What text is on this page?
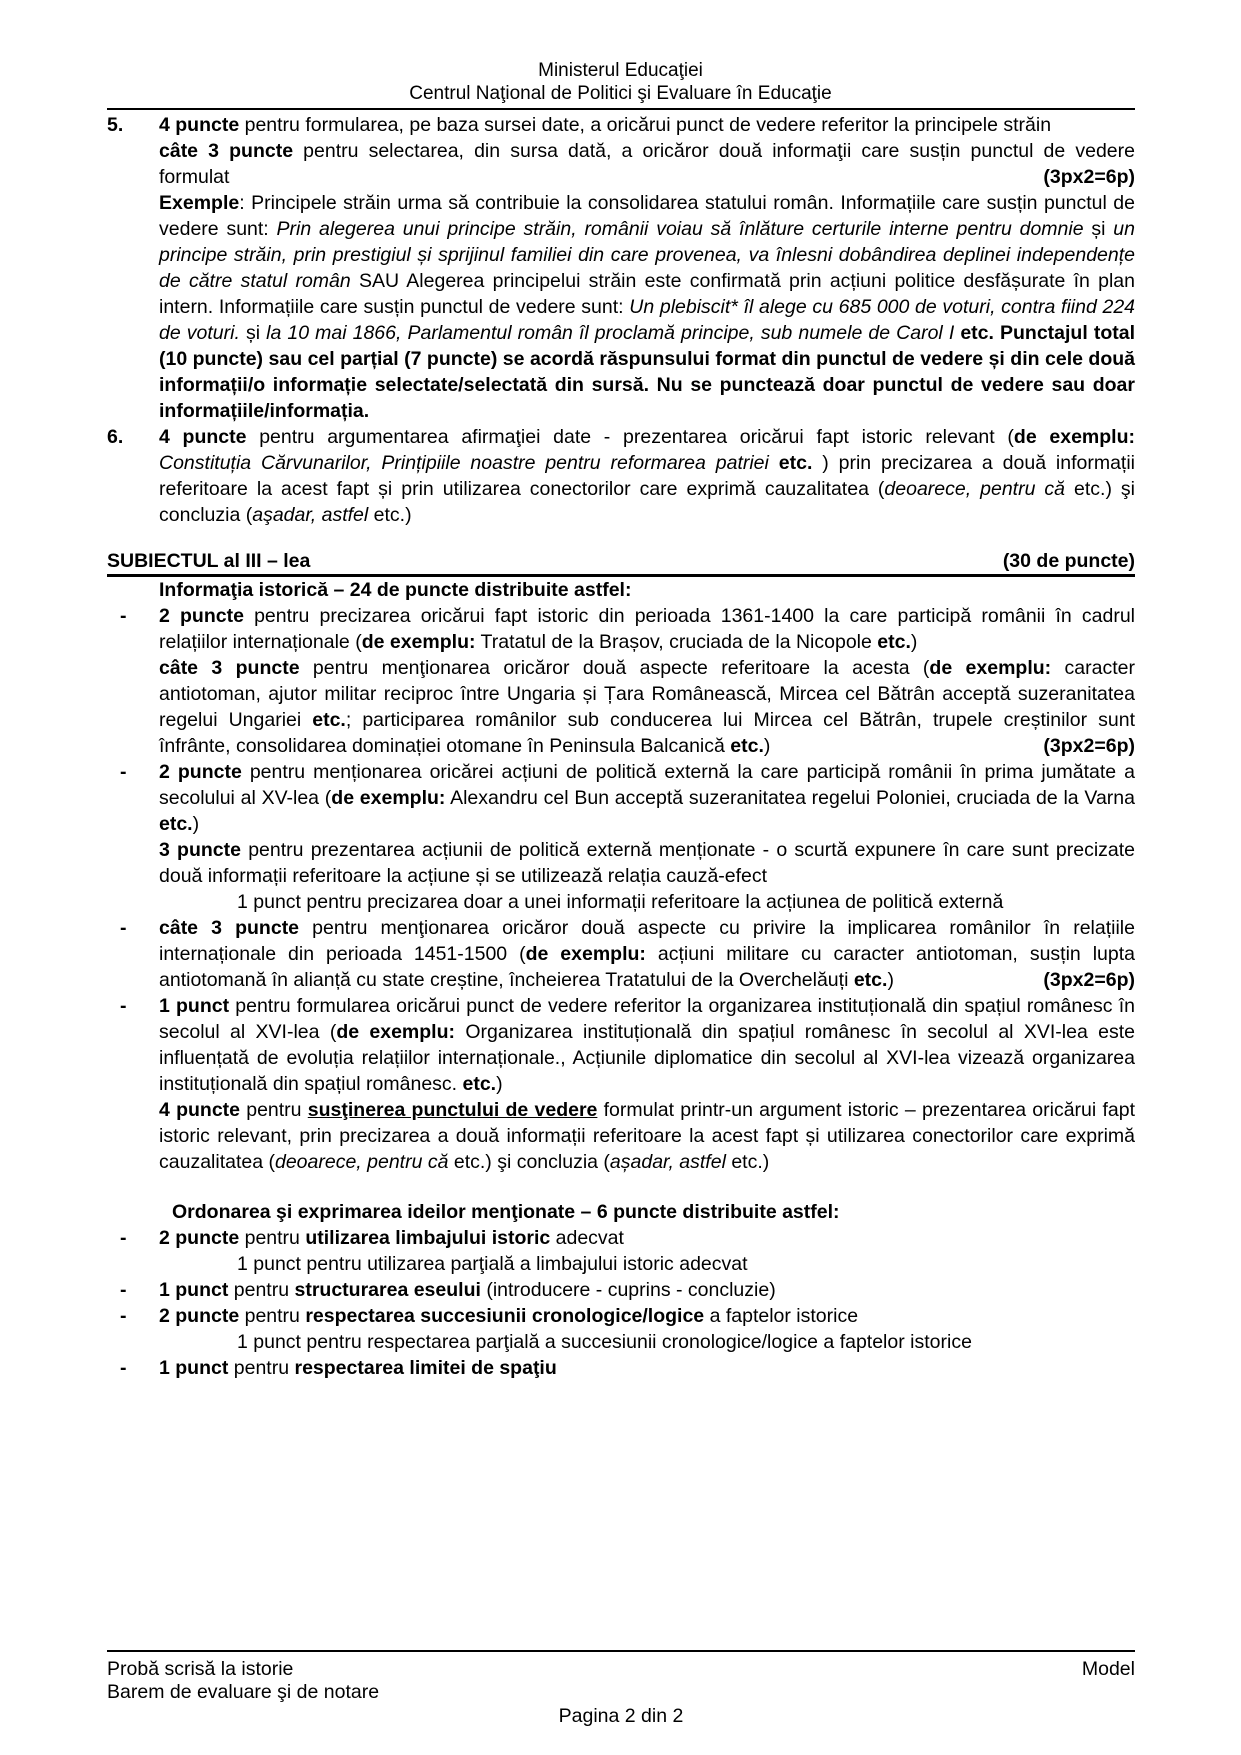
Ministerul Educaţiei
Centrul Naţional de Politici şi Evaluare în Educaţie
5. 4 puncte pentru formularea, pe baza sursei date, a oricărui punct de vedere referitor la principele străin
câte 3 puncte pentru selectarea, din sursa dată, a oricăror două informaţii care susțin punctul de vedere formulat	(3px2=6p)
Exemple: Principele străin urma să contribuie la consolidarea statului român. Informațiile care susțin punctul de vedere sunt: Prin alegerea unui principe străin, românii voiau să înlăture certurile interne pentru domnie și un principe străin, prin prestigiul și sprijinul familiei din care provenea, va înlesni dobândirea deplinei independențe de către statul român SAU Alegerea principelui străin este confirmată prin acțiuni politice desfășurate în plan intern. Informațiile care susțin punctul de vedere sunt: Un plebiscit* îl alege cu 685 000 de voturi, contra fiind 224 de voturi. și la 10 mai 1866, Parlamentul român îl proclamă principe, sub numele de Carol I etc. Punctajul total (10 puncte) sau cel parțial (7 puncte) se acordă răspunsului format din punctul de vedere și din cele două informații/o informație selectate/selectată din sursă. Nu se punctează doar punctul de vedere sau doar informațiile/informația.
6. 4 puncte pentru argumentarea afirmaţiei date - prezentarea oricărui fapt istoric relevant (de exemplu: Constituția Cărvunarilor, Prințipiile noastre pentru reformarea patriei etc. ) prin precizarea a două informații referitoare la acest fapt și prin utilizarea conectorilor care exprimă cauzalitatea (deoarece, pentru că etc.) şi concluzia (aşadar, astfel etc.)
SUBIECTUL al III – lea	(30 de puncte)
Informaţia istorică – 24 de puncte distribuite astfel:
- 2 puncte pentru precizarea oricărui fapt istoric din perioada 1361-1400 la care participă românii în cadrul relațiilor internaționale (de exemplu: Tratatul de la Brașov, cruciada de la Nicopole etc.)
câte 3 puncte pentru menţionarea oricăror două aspecte referitoare la acesta (de exemplu: caracter antiotoman, ajutor militar reciproc între Ungaria și Țara Românească, Mircea cel Bătrân acceptă suzeranitatea regelui Ungariei etc.; participarea românilor sub conducerea lui Mircea cel Bătrân, trupele creștinilor sunt înfrânte, consolidarea dominației otomane în Peninsula Balcanică etc.)	(3px2=6p)
- 2 puncte pentru menționarea oricărei acțiuni de politică externă la care participă românii în prima jumătate a secolului al XV-lea (de exemplu: Alexandru cel Bun acceptă suzeranitatea regelui Poloniei, cruciada de la Varna etc.)
3 puncte pentru prezentarea acțiunii de politică externă menționate - o scurtă expunere în care sunt precizate două informații referitoare la acțiune și se utilizează relația cauză-efect
1 punct pentru precizarea doar a unei informații referitoare la acțiunea de politică externă
- câte 3 puncte pentru menţionarea oricăror două aspecte cu privire la implicarea românilor în relațiile internaționale din perioada 1451-1500 (de exemplu: acțiuni militare cu caracter antiotoman, susțin lupta antiotomană în alianță cu state creștine, încheierea Tratatului de la Overchelăuți etc.)	(3px2=6p)
- 1 punct pentru formularea oricărui punct de vedere referitor la organizarea instituțională din spațiul românesc în secolul al XVI-lea (de exemplu: Organizarea instituțională din spațiul românesc în secolul al XVI-lea este influențată de evoluția relațiilor internaționale., Acțiunile diplomatice din secolul al XVI-lea vizează organizarea instituțională din spațiul românesc. etc.)
4 puncte pentru susţinerea punctului de vedere formulat printr-un argument istoric – prezentarea oricărui fapt istoric relevant, prin precizarea a două informații referitoare la acest fapt și utilizarea conectorilor care exprimă cauzalitatea (deoarece, pentru că etc.) şi concluzia (așadar, astfel etc.)
Ordonarea şi exprimarea ideilor menţionate – 6 puncte distribuite astfel:
- 2 puncte pentru utilizarea limbajului istoric adecvat
1 punct pentru utilizarea parţială a limbajului istoric adecvat
- 1 punct pentru structurarea eseului (introducere - cuprins - concluzie)
- 2 puncte pentru respectarea succesiunii cronologice/logice a faptelor istorice
1 punct pentru respectarea parţială a succesiunii cronologice/logice a faptelor istorice
- 1 punct pentru respectarea limitei de spaţiu
Probă scrisă la istorie
Barem de evaluare şi de notare
Model
Pagina 2 din 2
